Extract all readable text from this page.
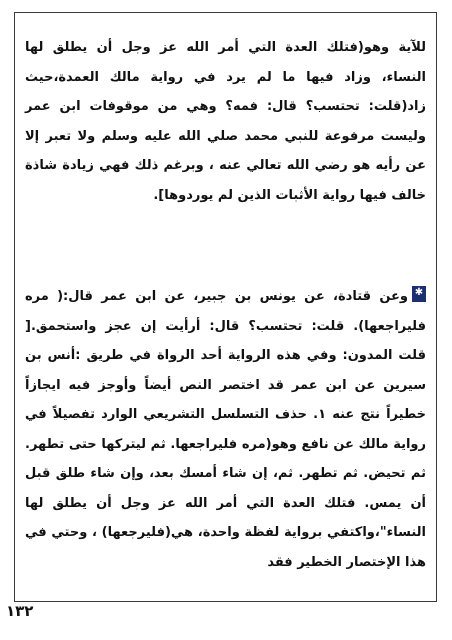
للآية وهو(فتلك العدة التي أمر الله عز وجل أن يطلق لها النساء، وزاد فيها ما لم يرد في رواية مالك العمدة،حيث زاد(قلت: تحتسب؟ قال: فمه؟ وهي من موقوفات ابن عمر وليست مرفوعة للنبي محمد صلي الله عليه وسلم ولا تعبر إلا عن رأيه هو رضي الله تعالي عنه ، وبرغم ذلك فهي زيادة شاذة خالف فيها رواية الأثبات الذين لم يوردوها].

✱وعن قتادة، عن يونس بن جبير، عن ابن عمر قال:( مره فليراجعها). قلت: تحتسب؟ قال: أرأيت إن عجز واستحمق.[ قلت المدون: وفي هذه الرواية أحد الرواة في طريق :أنس بن سيرين عن ابن عمر قد اختصر النص أيضاً وأوجز فيه ايجازاً خطيراً نتج عنه ١. حذف التسلسل التشريعي الوارد تفصيلاً في رواية مالك عن نافع وهو(مره فليراجعها. ثم ليتركها حتى تطهر. ثم تحيض. ثم تطهر. ثم، إن شاء أمسك بعد، وإن شاء طلق قبل أن يمس. فتلك العدة التي أمر الله عز وجل أن يطلق لها النساء"،واكتفي برواية لفظة واحدة، هي(فليرجعها) ، وحتي في هذا الإختصار الخطير فقد

١٣٢
